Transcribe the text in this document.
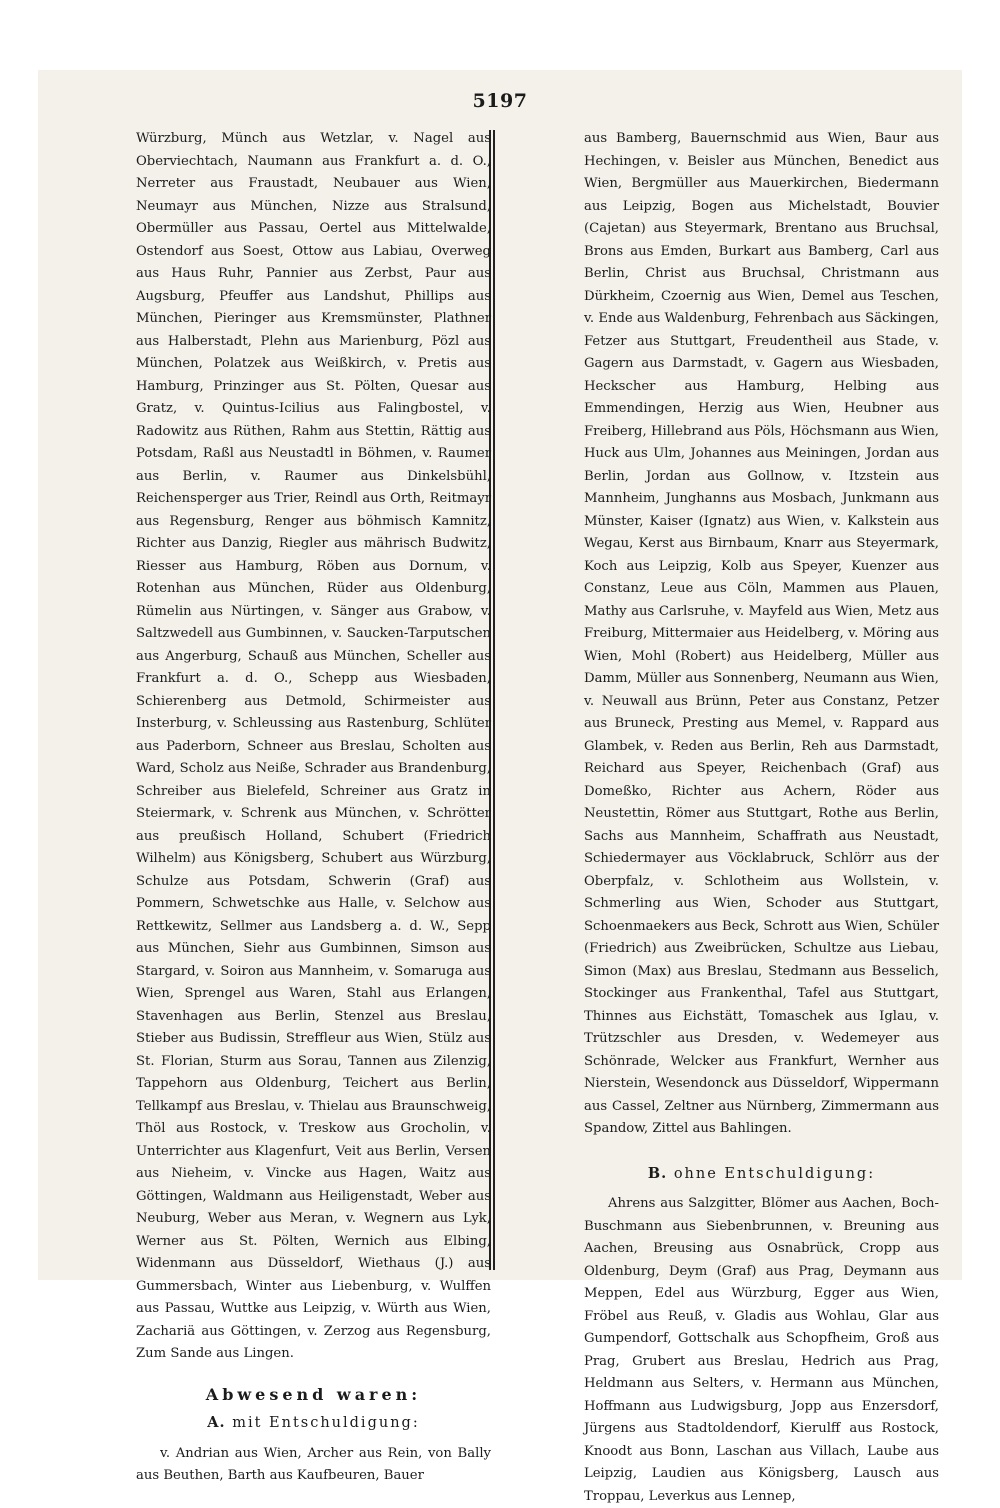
5197

Würzburg, Münch aus Wetzlar, v. Nagel aus Oberviechtach, Naumann aus Frankfurt a. d. O., Nerreter aus Fraustadt, Neubauer aus Wien, Neumayr aus München, Nizze aus Stralsund, Obermüller aus Passau, Oertel aus Mittelwalde, Ostendorf aus Soest, Ottow aus Labiau, Overweg aus Haus Ruhr, Pannier aus Zerbst, Paur aus Augsburg, Pfeuffer aus Landshut, Phillips aus München, Pieringer aus Kremsmünster, Plathner aus Halberstadt, Plehn aus Marienburg, Pözl aus München, Polatzek aus Weißkirch, v. Pretis aus Hamburg, Prinzinger aus St. Pölten, Quesar aus Gratz, v. Quintus-Icilius aus Falingbostel, v. Radowitz aus Rüthen, Rahm aus Stettin, Rättig aus Potsdam, Raßl aus Neustadtl in Böhmen, v. Raumer aus Berlin, v. Raumer aus Dinkelsbühl, Reichensperger aus Trier, Reindl aus Orth, Reitmayr aus Regensburg, Renger aus böhmisch Kamnitz, Richter aus Danzig, Riegler aus mährisch Budwitz, Riesser aus Hamburg, Röben aus Dornum, v. Rotenhan aus München, Rüder aus Oldenburg, Rümelin aus Nürtingen, v. Sänger aus Grabow, v. Saltzwedell aus Gumbinnen, v. Saucken-Tarputschen aus Angerburg, Schauß aus München, Scheller aus Frankfurt a. d. O., Schepp aus Wiesbaden, Schierenberg aus Detmold, Schirmeister aus Insterburg, v. Schleussing aus Rastenburg, Schlüter aus Paderborn, Schneer aus Breslau, Scholten aus Ward, Scholz aus Neiße, Schrader aus Brandenburg, Schreiber aus Bielefeld, Schreiner aus Gratz in Steiermark, v. Schrenk aus München, v. Schrötter aus preußisch Holland, Schubert (Friedrich Wilhelm) aus Königsberg, Schubert aus Würzburg, Schulze aus Potsdam, Schwerin (Graf) aus Pommern, Schwetschke aus Halle, v. Selchow aus Rettkewitz, Sellmer aus Landsberg a. d. W., Sepp aus München, Siehr aus Gumbinnen, Simson aus Stargard, v. Soiron aus Mannheim, v. Somaruga aus Wien, Sprengel aus Waren, Stahl aus Erlangen, Stavenhagen aus Berlin, Stenzel aus Breslau, Stieber aus Budissin, Streffleur aus Wien, Stülz aus St. Florian, Sturm aus Sorau, Tannen aus Zilenzig, Tappehorn aus Oldenburg, Teichert aus Berlin, Tellkampf aus Breslau, v. Thielau aus Braunschweig, Thöl aus Rostock, v. Treskow aus Grocholin, v. Unterrichter aus Klagenfurt, Veit aus Berlin, Versen aus Nieheim, v. Vincke aus Hagen, Waitz aus Göttingen, Waldmann aus Heiligenstadt, Weber aus Neuburg, Weber aus Meran, v. Wegnern aus Lyk, Werner aus St. Pölten, Wernich aus Elbing, Widenmann aus Düsseldorf, Wiethaus (J.) aus Gummersbach, Winter aus Liebenburg, v. Wulffen aus Passau, Wuttke aus Leipzig, v. Würth aus Wien, Zachariä aus Göttingen, v. Zerzog aus Regensburg, Zum Sande aus Lingen.

Abwesend waren:
A. mit Entschuldigung:

v. Andrian aus Wien, Archer aus Rein, von Bally aus Beuthen, Barth aus Kaufbeuren, Bauer

aus Bamberg, Bauernschmid aus Wien, Baur aus Hechingen, v. Beisler aus München, Benedict aus Wien, Bergmüller aus Mauerkirchen, Biedermann aus Leipzig, Bogen aus Michelstadt, Bouvier (Cajetan) aus Steyermark, Brentano aus Bruchsal, Brons aus Emden, Burkart aus Bamberg, Carl aus Berlin, Christ aus Bruchsal, Christmann aus Dürkheim, Czoernig aus Wien, Demel aus Teschen, v. Ende aus Waldenburg, Fehrenbach aus Säckingen, Fetzer aus Stuttgart, Freudentheil aus Stade, v. Gagern aus Darmstadt, v. Gagern aus Wiesbaden, Heckscher aus Hamburg, Helbing aus Emmendingen, Herzig aus Wien, Heubner aus Freiberg, Hillebrand aus Pöls, Höchsmann aus Wien, Huck aus Ulm, Johannes aus Meiningen, Jordan aus Berlin, Jordan aus Gollnow, v. Itzstein aus Mannheim, Junghanns aus Mosbach, Junkmann aus Münster, Kaiser (Ignatz) aus Wien, v. Kalkstein aus Wegau, Kerst aus Birnbaum, Knarr aus Steyermark, Koch aus Leipzig, Kolb aus Speyer, Kuenzer aus Constanz, Leue aus Cöln, Mammen aus Plauen, Mathy aus Carlsruhe, v. Mayfeld aus Wien, Metz aus Freiburg, Mittermaier aus Heidelberg, v. Möring aus Wien, Mohl (Robert) aus Heidelberg, Müller aus Damm, Müller aus Sonnenberg, Neumann aus Wien, v. Neuwall aus Brünn, Peter aus Constanz, Petzer aus Bruneck, Presting aus Memel, v. Rappard aus Glambek, v. Reden aus Berlin, Reh aus Darmstadt, Reichard aus Speyer, Reichenbach (Graf) aus Domeßko, Richter aus Achern, Röder aus Neustettin, Römer aus Stuttgart, Rothe aus Berlin, Sachs aus Mannheim, Schaffrath aus Neustadt, Schiedermayer aus Vöcklabruck, Schlörr aus der Oberpfalz, v. Schlotheim aus Wollstein, v. Schmerling aus Wien, Schoder aus Stuttgart, Schoenmaekers aus Beck, Schrott aus Wien, Schüler (Friedrich) aus Zweibrücken, Schultze aus Liebau, Simon (Max) aus Breslau, Stedmann aus Besselich, Stockinger aus Frankenthal, Tafel aus Stuttgart, Thinnes aus Eichstätt, Tomaschek aus Iglau, v. Trützschler aus Dresden, v. Wedemeyer aus Schönrade, Welcker aus Frankfurt, Wernher aus Nierstein, Wesendonck aus Düsseldorf, Wippermann aus Cassel, Zeltner aus Nürnberg, Zimmermann aus Spandow, Zittel aus Bahlingen.

B. ohne Entschuldigung:

Ahrens aus Salzgitter, Blömer aus Aachen, Boch-Buschmann aus Siebenbrunnen, v. Breuning aus Aachen, Breusing aus Osnabrück, Cropp aus Oldenburg, Deym (Graf) aus Prag, Deymann aus Meppen, Edel aus Würzburg, Egger aus Wien, Fröbel aus Reuß, v. Gladis aus Wohlau, Glar aus Gumpendorf, Gottschalk aus Schopfheim, Groß aus Prag, Grubert aus Breslau, Hedrich aus Prag, Heldmann aus Selters, v. Hermann aus München, Hoffmann aus Ludwigsburg, Jopp aus Enzersdorf, Jürgens aus Stadtoldendorf, Kierulff aus Rostock, Knoodt aus Bonn, Laschan aus Villach, Laube aus Leipzig, Laudien aus Königsberg, Lausch aus Troppau, Leverkus aus Lennep,
